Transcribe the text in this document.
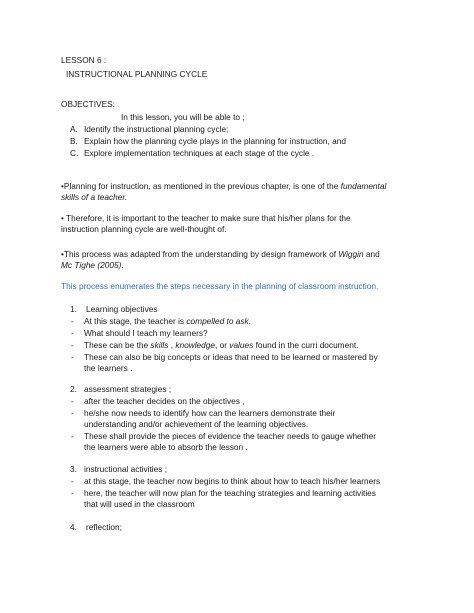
LESSON 6 :
INSTRUCTIONAL PLANNING CYCLE
OBJECTIVES:
In this lesson, you will be able to ;
A. Identify the instructional planning cycle;
B. Explain how the planning cycle plays in the planning for instruction, and
C. Explore implementation techniques at each stage of the cycle .
•Planning for instruction, as mentioned in the previous chapter, is one of the fundamental
skills of a teacher.
• Therefore, it is important to the teacher to make sure that his/her plans for the
instruction planning cycle are well-thought of.
•This process was adapted from the understanding by design framework of Wiggin and
Mc Tighe (2005).
This process enumerates the steps necessary in the planning of classroom instruction.
1. Learning objectives
- At this stage, the teacher is compelled to ask.
- What should I teach my learners?
- These can be the skills , knowledge, or values found in the curri document.
- These can also be big concepts or ideas that need to be learned or mastered by
the learners .
2. assessment strategies ;
- after the teacher decides on the objectives ,
- he/she now needs to identify how can the learners demonstrate their
understanding and/or achievement of the learning objectives.
- These shall provide the pieces of evidence the teacher needs to gauge whether
the learners were able to absorb the lesson .
3. instructional activities ;
- at this stage, the teacher now begins to think about how to teach his/her learners
- here, the teacher will now plan for the teaching strategies and learning activities
that will used in the classroom
4. reflection;
